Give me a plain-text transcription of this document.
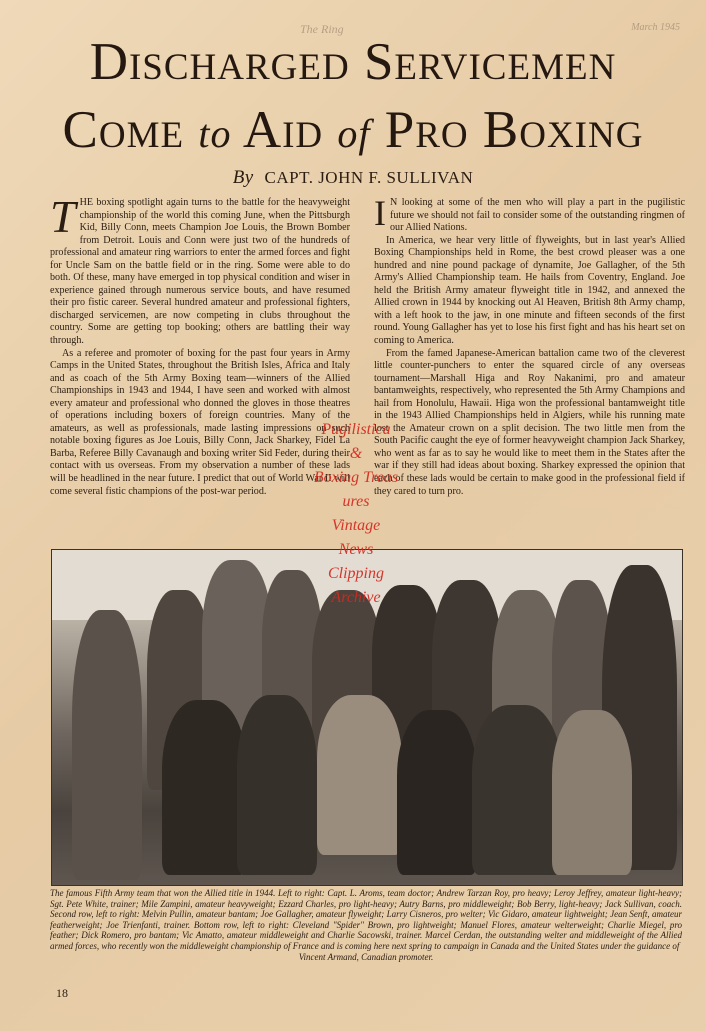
The Ring	March 1945
Discharged Servicemen
Come to Aid of Pro Boxing
By CAPT. JOHN F. SULLIVAN

THE boxing spotlight again turns to the battle for the heavyweight championship of the world this coming June, when the Pittsburgh Kid, Billy Conn, meets Champion Joe Louis, the Brown Bomber from Detroit. Louis and Conn were just two of the hundreds of professional and amateur ring warriors to enter the armed forces and fight for Uncle Sam on the battle field or in the ring. Some were able to do both. Of these, many have emerged in top physical condition and wiser in experience gained through numerous service bouts, and have resumed their pro fistic career. Several hundred amateur and professional fighters, discharged servicemen, are now competing in clubs throughout the country. Some are getting top booking; others are battling their way through.

As a referee and promoter of boxing for the past four years in Army Camps in the United States, throughout the British Isles, Africa and Italy and as coach of the 5th Army Boxing team—winners of the Allied Championships in 1943 and 1944, I have seen and worked with almost every amateur and professional who donned the gloves in those theatres of operations including boxers of foreign countries. Many of the amateurs, as well as professionals, made lasting impressions on such notable boxing figures as Joe Louis, Billy Conn, Jack Sharkey, Fidel La Barba, Referee Billy Cavanaugh and boxing writer Sid Feder, during their contact with us overseas. From my observation a number of these lads will be headlined in the near future. I predict that out of World War II will come several fistic champions of the post-war period.

I N looking at some of the men who will play a part in the pugilistic future we should not fail to consider some of the outstanding ringmen of our Allied Nations.

In America, we hear very little of flyweights, but in last year's Allied Boxing Championships held in Rome, the best crowd pleaser was a one hundred and nine pound package of dynamite, Joe Gallagher, of the 5th Army's Allied Championship team. He hails from Coventry, England. Joe held the British Army amateur flyweight title in 1942, and annexed the Allied crown in 1944 by knocking out Al Heaven, British 8th Army champ, with a left hook to the jaw, in one minute and fifteen seconds of the first round. Young Gallagher has yet to lose his first fight and has his heart set on coming to America.

From the famed Japanese-American battalion came two of the cleverest little counter-punchers to enter the squared circle of any overseas tournament—Marshall Higa and Roy Nakanimi, pro and amateur bantamweights, respectively, who represented the 5th Army Champions and hail from Honolulu, Hawaii. Higa won the professional bantamweight title in the 1943 Allied Championships held in Algiers, while his running mate lost the Amateur crown on a split decision. The two little men from the South Pacific caught the eye of former heavyweight champion Jack Sharkey, who went as far as to say he would like to meet them in the States after the war if they still had ideas about boxing. Sharkey expressed the opinion that each of these lads would be certain to make good in the professional field if they cared to turn pro.

Pugilistica
&
Boxing Treas
ures
Vintage
News
Clipping
Archive
The famous Fifth Army team that won the Allied title in 1944. Left to right: Capt. L. Aroms, team doctor; Andrew Tarzan Roy, pro heavy; Leroy Jeffrey, amateur light-heavy; Sgt. Pete White, trainer; Mile Zampini, amateur heavyweight; Ezzard Charles, pro light-heavy; Autry Barns, pro middleweight; Bob Berry, light-heavy; Jack Sullivan, coach. Second row, left to right: Melvin Pullin, amateur bantam; Joe Gallagher, amateur flyweight; Larry Cisneros, pro welter; Vic Gidaro, amateur lightweight; Jean Senft, amateur featherweight; Joe Trienfanti, trainer. Bottom row, left to right: Cleveland "Spider" Brown, pro lightweight; Manuel Flores, amateur welterweight; Charlie Miegel, pro feather; Dick Romero, pro bantam; Vic Amatto, amateur middleweight and Charlie Sacowski, trainer. Marcel Cerdan, the outstanding welter and middleweight of the Allied armed forces, who recently won the middleweight championship of France and is coming here next spring to campaign in Canada and the United States under the guidance of
Vincent Armand, Canadian promoter.
18
